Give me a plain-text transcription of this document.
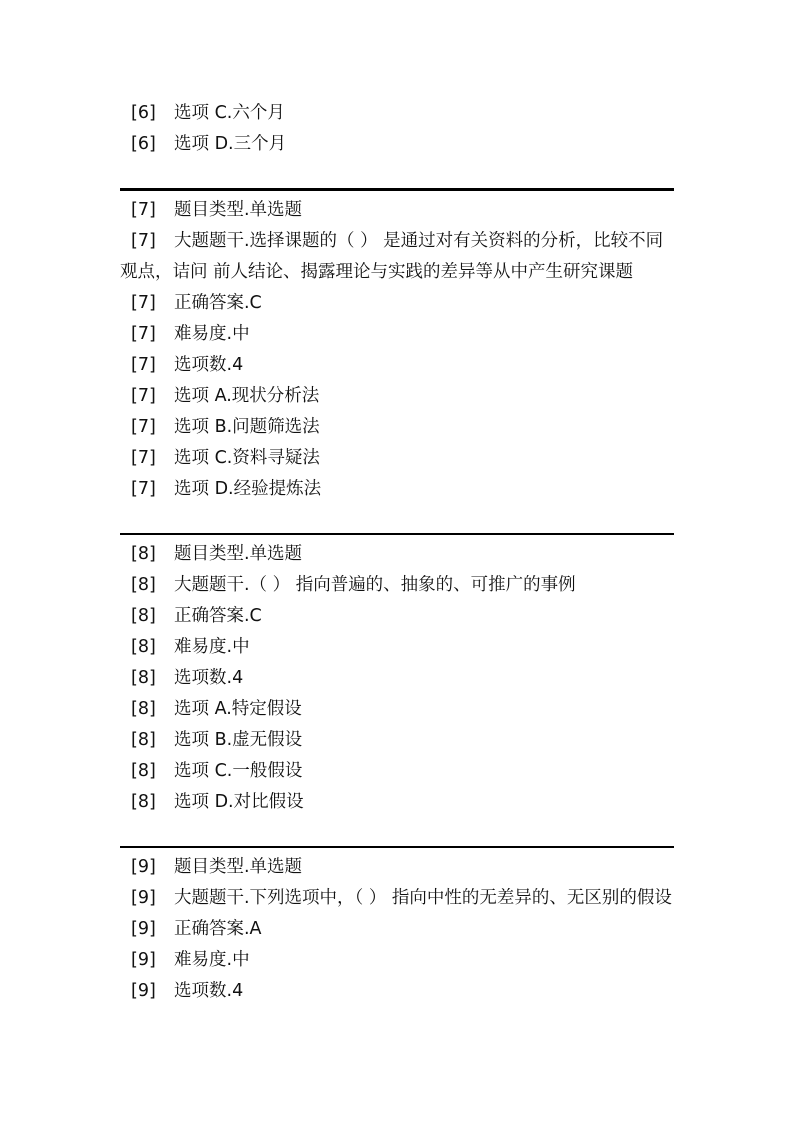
[6]	选项 C.六个月
[6]	选项 D.三个月
[7]	题目类型.单选题
[7] 大题题干.选择课题的（ ） 是通过对有关资料的分析，比较不同观点，诘问 前人结论、揭露理论与实践的差异等从中产生研究课题
[7]	正确答案.C
[7]	难易度.中
[7]	选项数.4
[7]	选项 A.现状分析法
[7]	选项 B.问题筛选法
[7]	选项 C.资料寻疑法
[7]	选项 D.经验提炼法
[8]	题目类型.单选题
[8]	大题题干.（ ） 指向普遍的、抽象的、可推广的事例
[8]	正确答案.C
[8]	难易度.中
[8]	选项数.4
[8]	选项 A.特定假设
[8]	选项 B.虚无假设
[8]	选项 C.一般假设
[8]	选项 D.对比假设
[9]	题目类型.单选题
[9] 大题题干.下列选项中，（ ） 指向中性的无差异的、无区别的假设
[9]	正确答案.A
[9]	难易度.中
[9]	选项数.4
